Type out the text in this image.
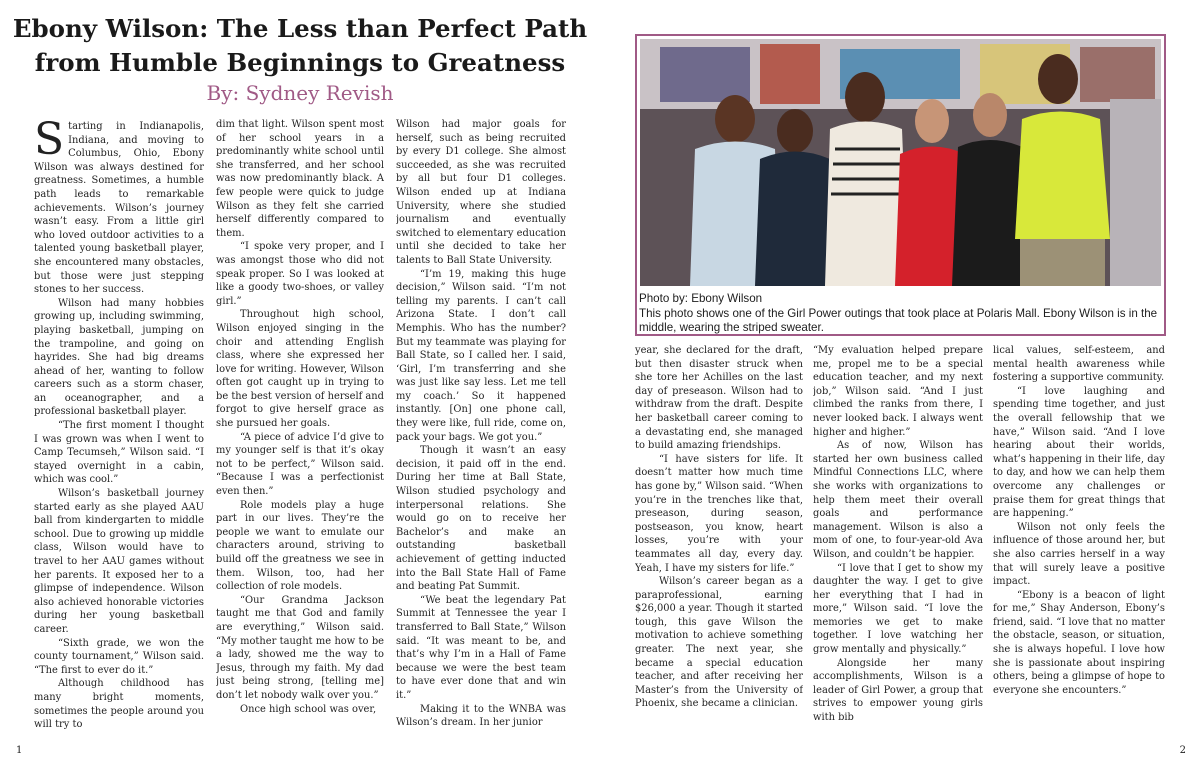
Ebony Wilson: The Less than Perfect Path
from Humble Beginnings to Greatness
By: Sydney Revish

Starting in Indianapolis, Indiana, and moving to Columbus, Ohio, Ebony Wilson was always destined for greatness. Sometimes, a humble path leads to remarkable achievements. Wilson’s journey wasn’t easy. From a little girl who loved outdoor activities to a talented young basketball player, she encountered many obstacles, but those were just stepping stones to her success.

Wilson had many hobbies growing up, including swimming, playing basketball, jumping on the trampoline, and going on hayrides. She had big dreams ahead of her, wanting to follow careers such as a storm chaser, an oceanographer, and a professional basketball player.

“The first moment I thought I was grown was when I went to Camp Tecumseh,” Wilson said. “I stayed overnight in a cabin, which was cool.”

Wilson’s basketball journey started early as she played AAU ball from kindergarten to middle school. Due to growing up middle class, Wilson would have to travel to her AAU games without her parents. It exposed her to a glimpse of independence. Wilson also achieved honorable victories during her young basketball career.

“Sixth grade, we won the county tournament,” Wilson said. “The first to ever do it.”

Although childhood has many bright moments, sometimes the people around you will try to

dim that light. Wilson spent most of her school years in a predominantly white school until she transferred, and her school was now predominantly black. A few people were quick to judge Wilson as they felt she carried herself differently compared to them.

“I spoke very proper, and I was amongst those who did not speak proper. So I was looked at like a goody two-shoes, or valley girl.”

Throughout high school, Wilson enjoyed singing in the choir and attending English class, where she expressed her love for writing. However, Wilson often got caught up in trying to be the best version of herself and forgot to give herself grace as she pursued her goals.

“A piece of advice I’d give to my younger self is that it’s okay not to be perfect,” Wilson said. “Because I was a perfectionist even then.”

Role models play a huge part in our lives. They’re the people we want to emulate our characters around, striving to build off the greatness we see in them. Wilson, too, had her collection of role models.

“Our Grandma Jackson taught me that God and family are everything,” Wilson said. “My mother taught me how to be a lady, showed me the way to Jesus, through my faith. My dad just being strong, [telling me] don’t let nobody walk over you.”

Once high school was over,

Wilson had major goals for herself, such as being recruited by every D1 college. She almost succeeded, as she was recruited by all but four D1 colleges. Wilson ended up at Indiana University, where she studied journalism and eventually switched to elementary education until she decided to take her talents to Ball State University.

“I’m 19, making this huge decision,” Wilson said. “I’m not telling my parents. I can’t call Arizona State. I don’t call Memphis. Who has the number? But my teammate was playing for Ball State, so I called her. I said, ‘Girl, I’m transferring and she was just like say less. Let me tell my coach.’ So it happened instantly. [On] one phone call, they were like, full ride, come on, pack your bags. We got you.”

Though it wasn’t an easy decision, it paid off in the end. During her time at Ball State, Wilson studied psychology and interpersonal relations. She would go on to receive her Bachelor’s and make an outstanding basketball achievement of getting inducted into the Ball State Hall of Fame and beating Pat Summit.

“We beat the legendary Pat Summit at Tennessee the year I transferred to Ball State,” Wilson said. “It was meant to be, and that’s why I’m in a Hall of Fame because we were the best team to have ever done that and win it.”

Making it to the WNBA was Wilson’s dream. In her junior

1
Photo by: Ebony Wilson
This photo shows one of the Girl Power outings that took place at Polaris Mall. Ebony Wilson is in the middle, wearing the striped sweater.

year, she declared for the draft, but then disaster struck when she tore her Achilles on the last day of preseason. Wilson had to withdraw from the draft. Despite her basketball career coming to a devastating end, she managed to build amazing friendships.

“I have sisters for life. It doesn’t matter how much time has gone by,” Wilson said. “When you’re in the trenches like that, preseason, during season, postseason, you know, heart losses, you’re with your teammates all day, every day. Yeah, I have my sisters for life.”

Wilson’s career began as a paraprofessional, earning $26,000 a year. Though it started tough, this gave Wilson the motivation to achieve something greater. The next year, she became a special education teacher, and after receiving her Master’s from the University of Phoenix, she became a clinician.

“My evaluation helped prepare me, propel me to be a special education teacher, and my next job,” Wilson said. “And I just climbed the ranks from there, I never looked back. I always went higher and higher.”

As of now, Wilson has started her own business called Mindful Connections LLC, where she works with organizations to help them meet their overall goals and performance management. Wilson is also a mom of one, to four-year-old Ava Wilson, and couldn’t be happier.

“I love that I get to show my daughter the way. I get to give her everything that I had in more,” Wilson said. “I love the memories we get to make together. I love watching her grow mentally and physically.”

Alongside her many accomplishments, Wilson is a leader of Girl Power, a group that strives to empower young girls with bib

lical values, self-esteem, and mental health awareness while fostering a supportive community.

“I love laughing and spending time together, and just the overall fellowship that we have,” Wilson said. “And I love hearing about their worlds, what’s happening in their life, day to day, and how we can help them overcome any challenges or praise them for great things that are happening.”

Wilson not only feels the influence of those around her, but she also carries herself in a way that will surely leave a positive impact.

“Ebony is a beacon of light for me,” Shay Anderson, Ebony’s friend, said. “I love that no matter the obstacle, season, or situation, she is always hopeful. I love how she is passionate about inspiring others, being a glimpse of hope to everyone she encounters.”

2
